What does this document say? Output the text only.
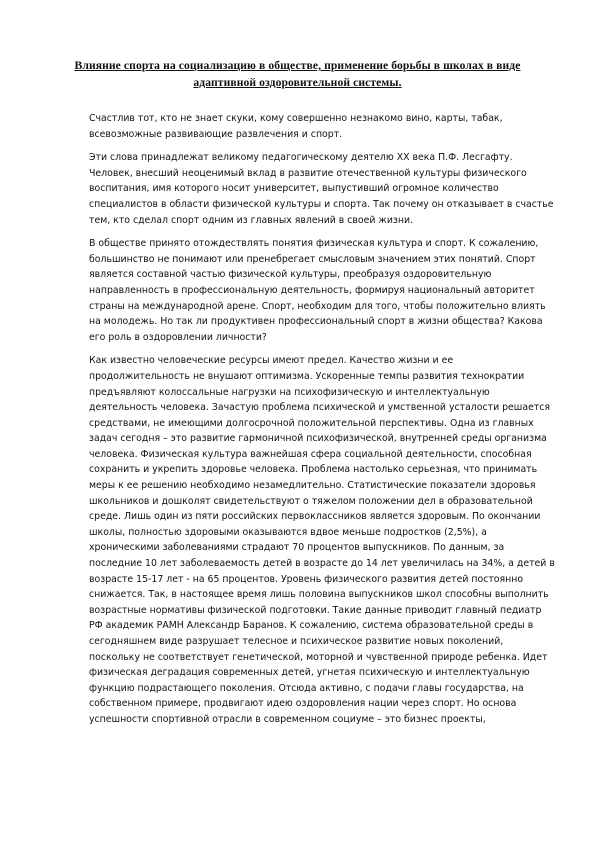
Влияние спорта на социализацию в обществе, применение борьбы в школах в виде адаптивной оздоровительной системы.

Счастлив тот, кто не знает скуки, кому совершенно незнакомо вино, карты, табак, всевозможные развивающие развлечения и спорт.

Эти слова принадлежат великому педагогическому деятелю XX века П.Ф. Лесгафту. Человек, внесший неоценимый вклад в развитие отечественной культуры физического воспитания, имя которого носит университет, выпустивший огромное количество специалистов в области физической культуры и спорта. Так почему он отказывает в счастье тем, кто сделал спорт одним из главных явлений в своей жизни.

В обществе принято отождествлять понятия физическая культура и спорт. К сожалению, большинство не понимают или пренебрегает смысловым значением этих понятий. Спорт является составной частью физической культуры, преобразуя оздоровительную направленность в профессиональную деятельность, формируя национальный авторитет страны на международной арене. Спорт, необходим для того, чтобы положительно влиять на молодежь. Но так ли продуктивен профессиональный спорт в жизни общества? Какова его роль в оздоровлении личности?

Как известно человеческие ресурсы имеют предел. Качество жизни и ее продолжительность не внушают оптимизма. Ускоренные темпы развития технократии предъявляют колоссальные нагрузки на психофизическую и интеллектуальную деятельность человека. Зачастую проблема психической и умственной усталости решается средствами, не имеющими долгосрочной положительной перспективы. Одна из главных задач сегодня – это развитие гармоничной психофизической, внутренней среды организма человека. Физическая культура важнейшая сфера социальной деятельности, способная сохранить и укрепить здоровье человека. Проблема настолько серьезная, что принимать меры к ее решению необходимо незамедлительно. Статистические показатели здоровья школьников и дошколят свидетельствуют о тяжелом положении дел в образовательной среде. Лишь один из пяти российских первоклассников является здоровым. По окончании школы, полностью здоровыми оказываются вдвое меньше подростков (2,5%), а хроническими заболеваниями страдают 70 процентов выпускников. По данным, за последние 10 лет заболеваемость детей в возрасте до 14 лет увеличилась на 34%, а детей в возрасте 15-17 лет - на 65 процентов. Уровень физического развития детей постоянно снижается. Так, в настоящее время лишь половина выпускников школ способны выполнить возрастные нормативы физической подготовки. Такие данные приводит главный педиатр РФ академик РАМН Александр Баранов. К сожалению, система образовательной среды в сегодняшнем виде разрушает телесное и психическое развитие новых поколений, поскольку не соответствует генетической, моторной и чувственной природе ребенка. Идет физическая деградация современных детей, угнетая психическую и интеллектуальную функцию подрастающего поколения. Отсюда активно, с подачи главы государства, на собственном примере, продвигают идею оздоровления нации через спорт. Но основа успешности спортивной отрасли в современном социуме – это бизнес проекты,
